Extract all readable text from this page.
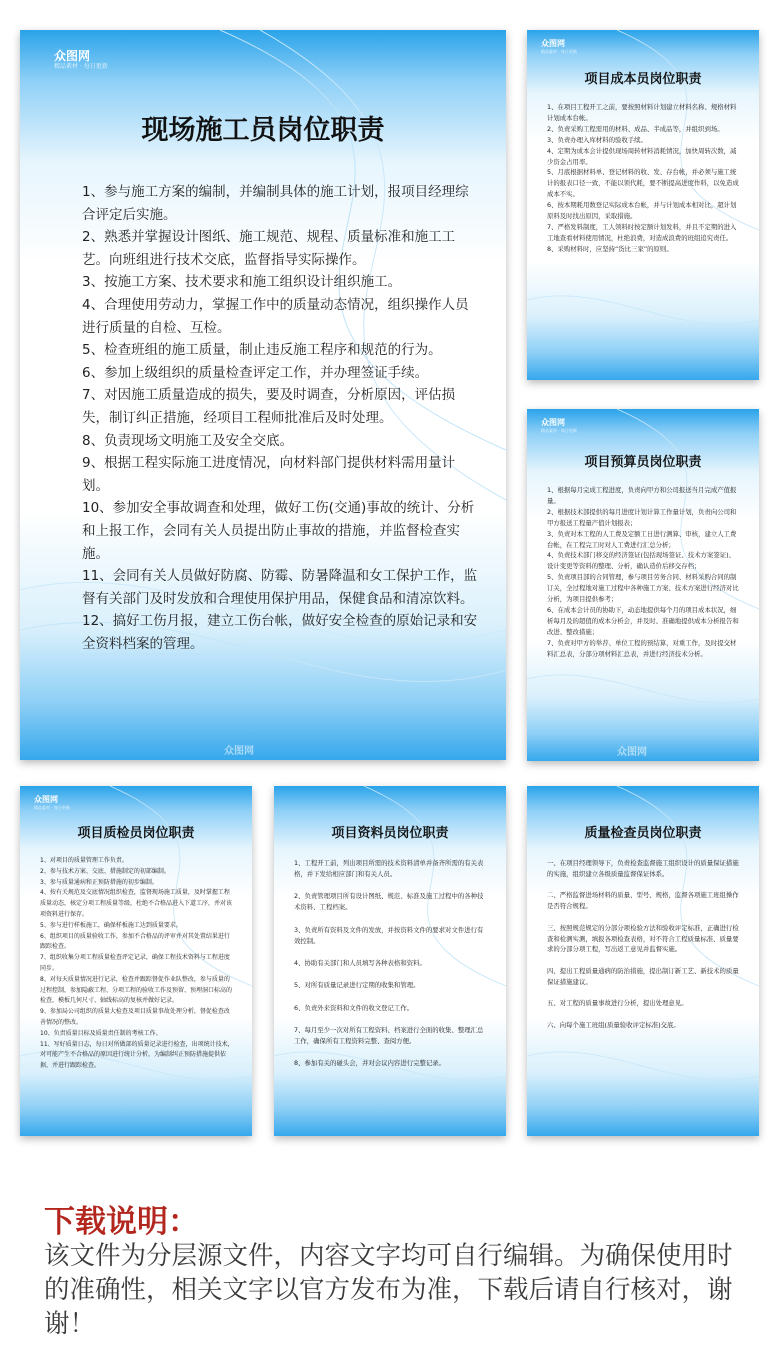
众图网
精品素材 · 每日更新
现场施工员岗位职责
1、参与施工方案的编制，并编制具体的施工计划，报项目经理综合评定后实施。
2、熟悉并掌握设计图纸、施工规范、规程、质量标准和施工工艺。向班组进行技术交底，监督指导实际操作。
3、按施工方案、技术要求和施工组织设计组织施工。
4、合理使用劳动力，掌握工作中的质量动态情况，组织操作人员进行质量的自检、互检。
5、检查班组的施工质量，制止违反施工程序和规范的行为。
6、参加上级组织的质量检查评定工作，并办理签证手续。
7、对因施工质量造成的损失，要及时调查，分析原因，评估损失，制订纠正措施，经项目工程师批准后及时处理。
8、负责现场文明施工及安全交底。
9、根据工程实际施工进度情况，向材料部门提供材料需用量计划。
10、参加安全事故调查和处理，做好工伤(交通)事故的统计、分析和上报工作，会同有关人员提出防止事故的措施，并监督检查实施。
11、会同有关人员做好防腐、防霉、防暑降温和女工保护工作，监督有关部门及时发放和合理使用保护用品，保健食品和清凉饮料。
12、搞好工伤月报，建立工伤台帐，做好安全检查的原始记录和安全资料档案的管理。
众图网
众图网
精品素材 · 每日更新
项目成本员岗位职责
1、在项目工程开工之前，要按照材料计划建立材料名称、规格材料计划成本台帐。
2、负责采购工程需用的材料、成品、半成品等，并组织到场。
3、负责办理入库材料的验收手续。
4、定期为成本会计提供现场周转材料消耗情况，加快周转次数，减少资金占用率。
5、月底根据材料单、登记材料的收、发、存台帐，并必须与施工统计的报表口径一致，不能以领代耗，要不断提高进度作料，以免造成成本不实。
6、按本期耗用数登记实际成本台帐，并与计划成本相对比，超计划原料及时找出原因，采取措施。
7、严格发料制度，工人领料时按定额计划发料，并且不定期的进入工地查看材料使用情况，杜绝浪费，对造成浪费的班组追究责任。
8、采购材料时，应坚持“货比三家”的原则。
众图网
精品素材 · 每日更新
项目预算员岗位职责
1、根据每月完成工程进度，负责向甲方和公司报送当月完成产值报量。
2、根据技术部提供的每月进度计划计算工作量计划，负责向公司和甲方报送工程量产值计划报表；
3、负责对本工程的人工费及定额工日进行测算、审核，建立人工费台帐，在工程完工时对人工费进行汇总分析；
4、负责技术部门移交的经济签证(包括现场签证、技术方案签证)、设计变更等资料的整理、分析，确认造价后移交存档；
5、负责项目部的合同管理，参与项目劳务合同、材料采购合同的制订关，全过程地对施工过程中各种施工方案、技术方案进行经济对比分析，为项目提供参考；
6、在成本会计员的协助下，动态地提供每个月的项目成本状况，细析每月及的超值的成本分析会，并及时、准确地提供成本分析报告和改进、整改措施；
7、负责对甲方的举荐、单位工程的预结算，对重工作，及时提交材料汇总表，分部分项材料汇总表，并进行经济技术分析。
众图网
众图网
精品素材 · 每日更新
项目质检员岗位职责
1、对项目的质量管理工作负责。
2、参与技术方案、交底、措施制定的初部编制。
3、参与质量通病和正预防措施的初步编制。
4、按有关规范及交底情况组织检查，监督现场施工质量，及时掌握工程质量动态，核定分项工程质量等级，杜绝不合格品进入下道工序，并对该项资料进行保存。
5、参与进行样板施工，确保样板施工达到质量要求。
6、组织项目的质量验收工作，参加不合格品的评审并对其处置结果进行跟踪检查。
7、组织收集分项工程质量检查评定记录，确保工程技术资料与工程进度同步。
8、对每天质量情况进行记录，检查并跟踪督促作业队整改，参与质量的过程控制，参加隐蔽工程、分项工程的验收工作及预留、预埋洞口标高的检查，模板几何尺寸、轴线标高的复核并做好记录。
9、参加局公司组织的质量大检查及项目质量事故处理分析，督促检查改善情况的整改。
10、负责质量目标及质量责任制的考核工作。
11、写好质量日志，每日对所做部的质量记录进行检查，出项统计技术，对可能产生不合格品的原因进行统计分析，为编制纠正预防措施提供依据，并进行跟踪检查。
项目资料员岗位职责
1、工程开工前，列出项目所需的技术资料清单并备齐所需的有关表格，并下发给相应部门和有关人员。
2、负责管理项目所有设计图纸、规范、标准及施工过程中的各种技术资料、工程档案。
3、负责所有资料及文件的发放，并按资料文件的要求对文件进行有效控制。
4、协助有关部门和人员填写各种表格和资料。
5、对所有质量记录进行定期的收集和管理。
6、负责外来资料和文件的收文登记工作。
7、每月至少一次对所有工程资料、档案进行全面的收集、整理汇总工作，确保所有工程资料完整、查阅方便。
8、参加有关的碰头会，并对会议内容进行完整记录。
质量检查员岗位职责
一、在项目经理领导下，负责检查监督施工组织设计的质量保证措施的实施，组织建立各级质量监督保证体系。
二、严格监督进场材料的质量、型号、规格，监督各项施工班组操作是否符合规程。
三、按照规范规定的分部分项检验方法和验收评定标准，正确进行检查和检测实测，填报各项检查表格，对不符合工程质量标准、质量要求的分部分项工程，写出返工意见并监督实施。
四、提出工程质量通病的防治措施，提出制订新工艺、新技术的质量保证措施建议。
五、对工程的质量事故进行分析，提出处理意见。
六、向每个施工班组(质量验收评定标准)交底。
下载说明：
该文件为分层源文件，内容文字均可自行编辑。为确保使用时的准确性，相关文字以官方发布为准，下载后请自行核对，谢谢！
